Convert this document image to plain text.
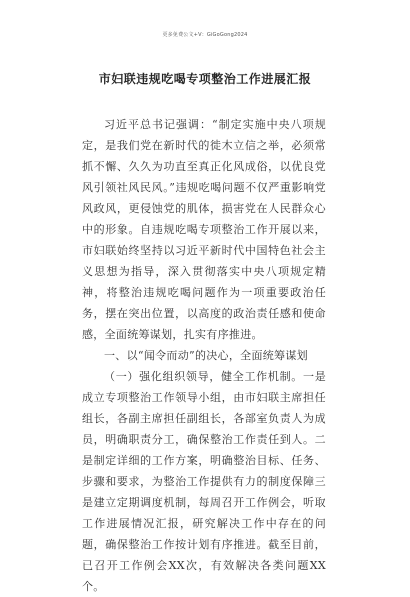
更多免费公文+V：GiGoGong2024
市妇联违规吃喝专项整治工作进展汇报

习近平总书记强调：“制定实施中央八项规定，是我们党在新时代的徙木立信之举，必须常抓不懈、久久为功直至真正化风成俗，以优良党风引领社风民风。”违规吃喝问题不仅严重影响党风政风，更侵蚀党的肌体，损害党在人民群众心中的形象。自违规吃喝专项整治工作开展以来，市妇联始终坚持以习近平新时代中国特色社会主义思想为指导，深入贯彻落实中央八项规定精神，将整治违规吃喝问题作为一项重要政治任务，摆在突出位置，以高度的政治责任感和使命感，全面统筹谋划，扎实有序推进。

一、以“闻令而动”的决心，全面统筹谋划

（一）强化组织领导，健全工作机制。一是成立专项整治工作领导小组，由市妇联主席担任组长，各副主席担任副组长，各部室负责人为成员，明确职责分工，确保整治工作责任到人。二是制定详细的工作方案，明确整治目标、任务、步骤和要求，为整治工作提供有力的制度保障三是建立定期调度机制，每周召开工作例会，听取工作进展情况汇报，研究解决工作中存在的问题，确保整治工作按计划有序推进。截至目前，已召开工作例会XX次，有效解决各类问题XX个。
